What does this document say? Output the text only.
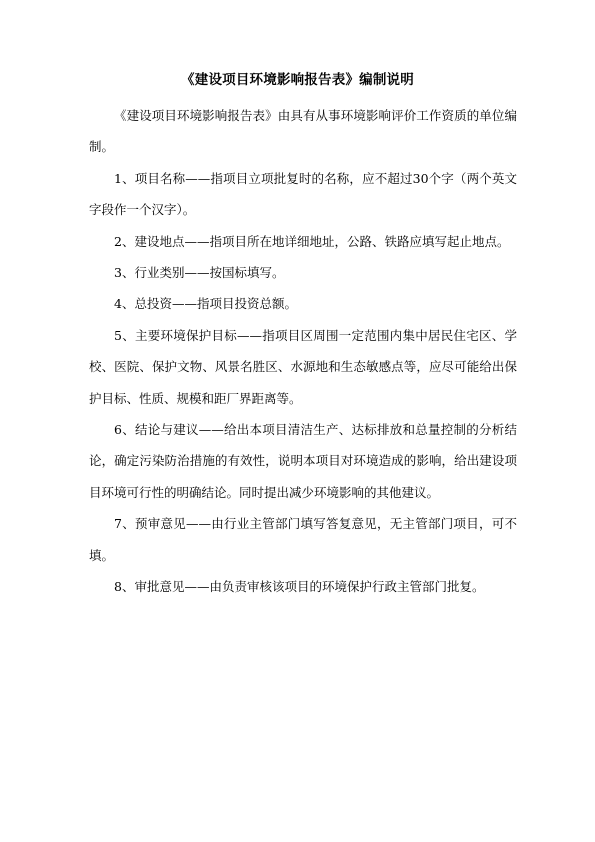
《建设项目环境影响报告表》编制说明

《建设项目环境影响报告表》由具有从事环境影响评价工作资质的单位编制。

1、项目名称——指项目立项批复时的名称，应不超过30个字（两个英文字段作一个汉字）。

2、建设地点——指项目所在地详细地址，公路、铁路应填写起止地点。

3、行业类别——按国标填写。

4、总投资——指项目投资总额。

5、主要环境保护目标——指项目区周围一定范围内集中居民住宅区、学校、医院、保护文物、风景名胜区、水源地和生态敏感点等，应尽可能给出保护目标、性质、规模和距厂界距离等。

6、结论与建议——给出本项目清洁生产、达标排放和总量控制的分析结论，确定污染防治措施的有效性，说明本项目对环境造成的影响，给出建设项目环境可行性的明确结论。同时提出减少环境影响的其他建议。

7、预审意见——由行业主管部门填写答复意见，无主管部门项目，可不填。

8、审批意见——由负责审核该项目的环境保护行政主管部门批复。
